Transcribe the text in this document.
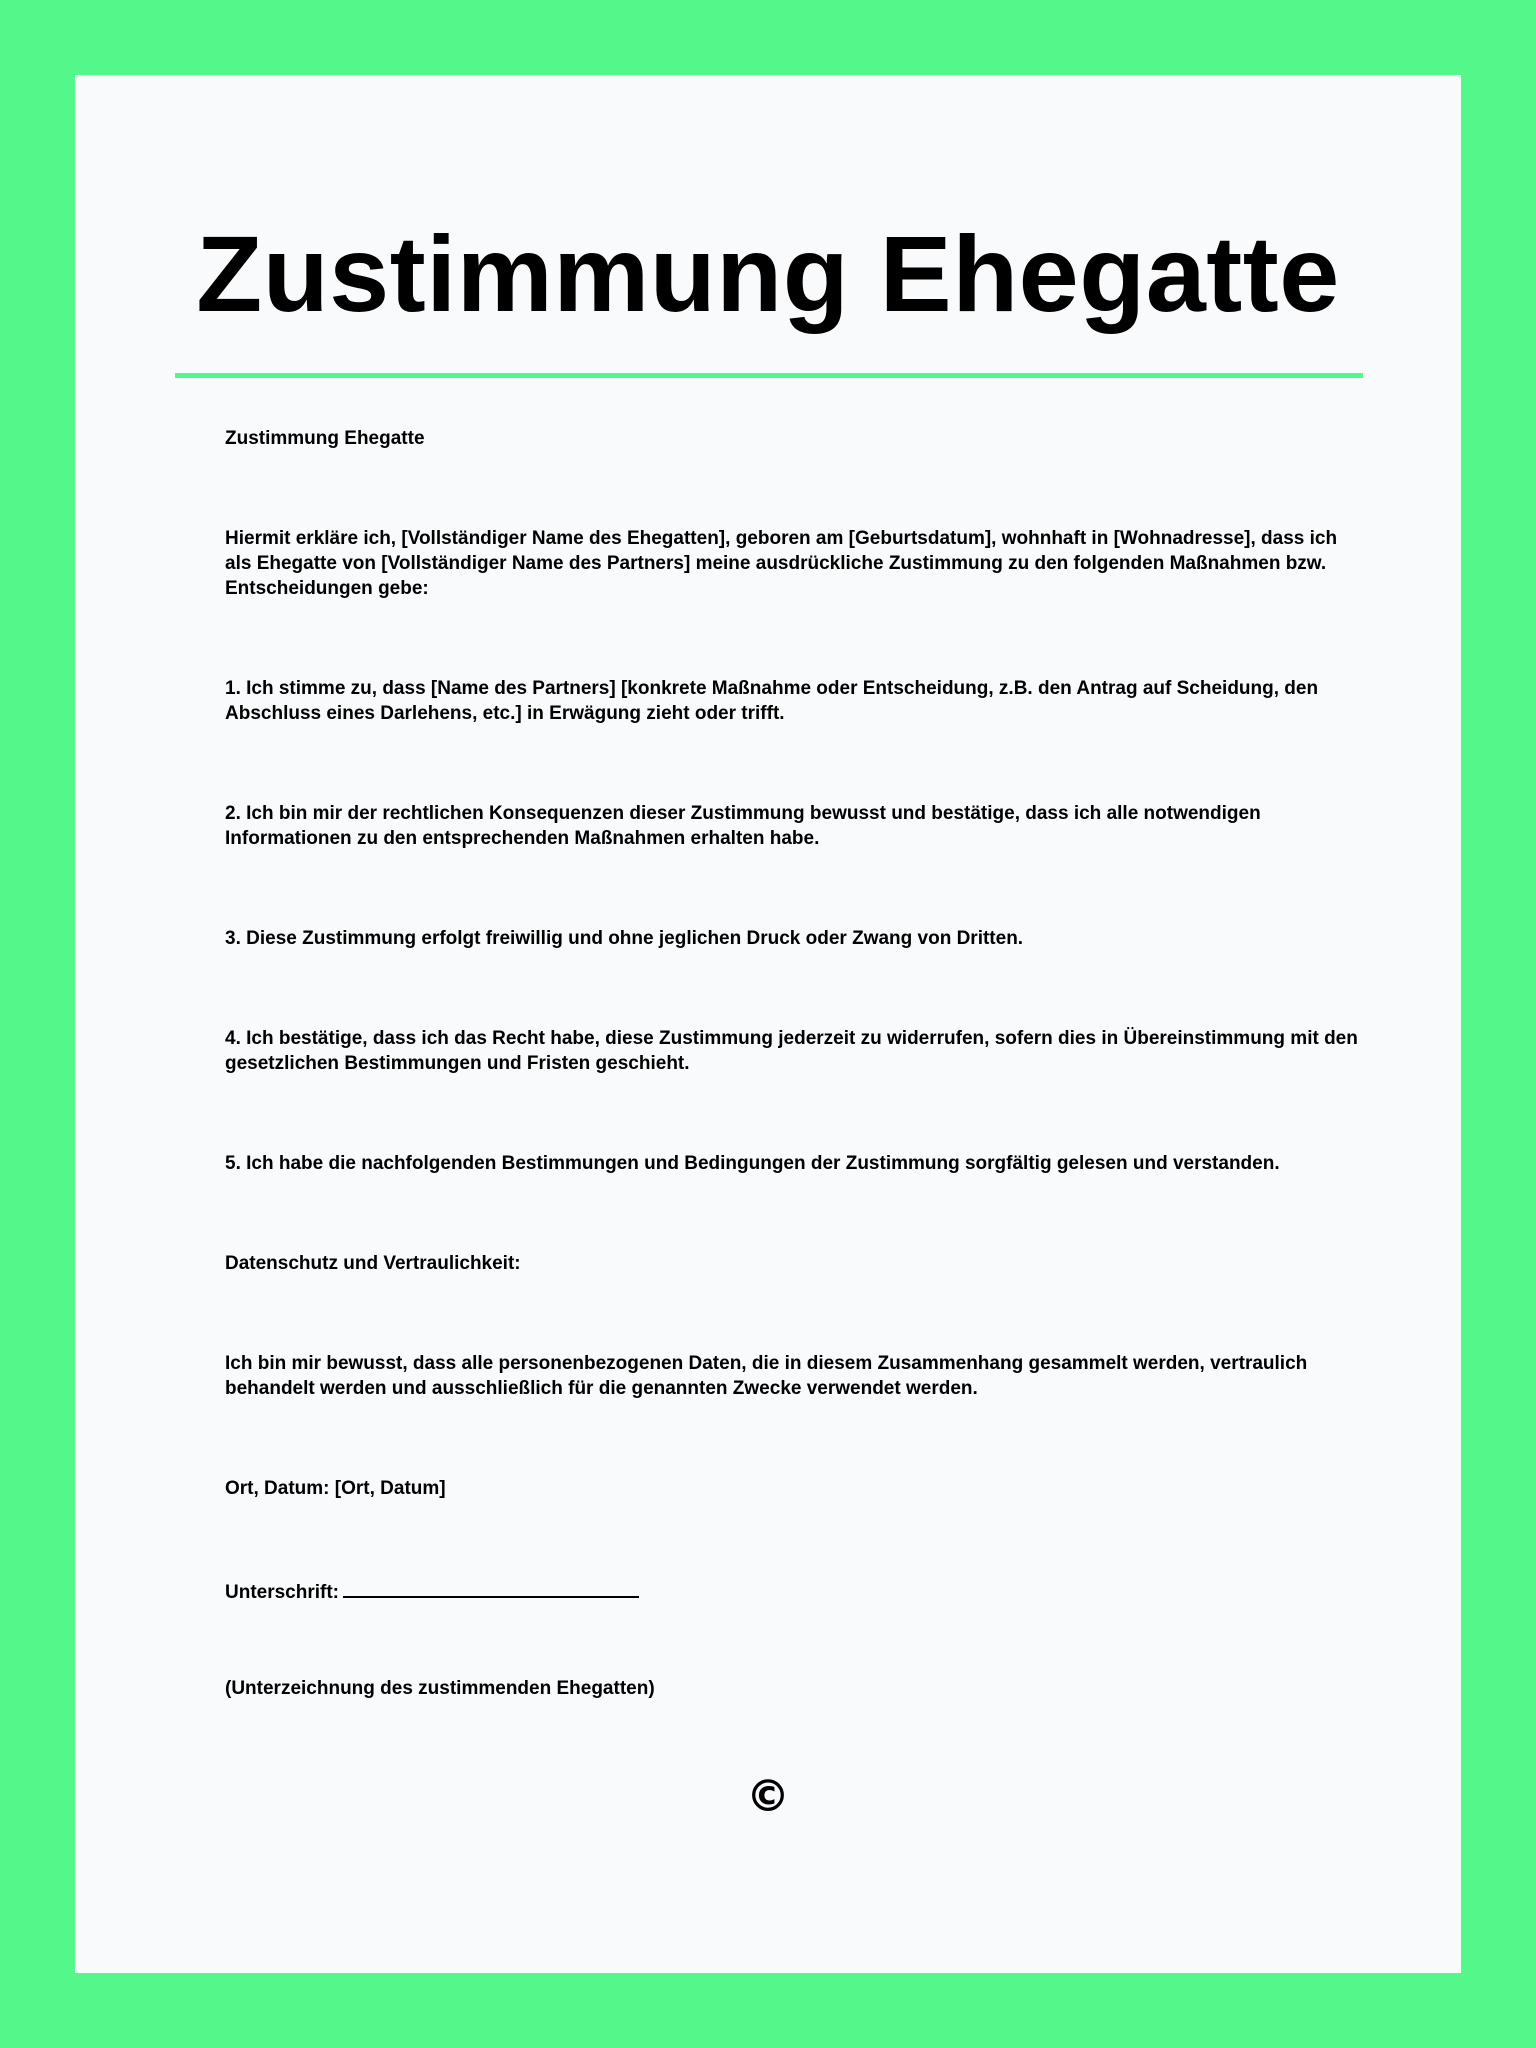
Zustimmung Ehegatte

Zustimmung Ehegatte

Hiermit erkläre ich, [Vollständiger Name des Ehegatten], geboren am [Geburtsdatum], wohnhaft in [Wohnadresse], dass ich als Ehegatte von [Vollständiger Name des Partners] meine ausdrückliche Zustimmung zu den folgenden Maßnahmen bzw. Entscheidungen gebe:

1. Ich stimme zu, dass [Name des Partners] [konkrete Maßnahme oder Entscheidung, z.B. den Antrag auf Scheidung, den Abschluss eines Darlehens, etc.] in Erwägung zieht oder trifft.

2. Ich bin mir der rechtlichen Konsequenzen dieser Zustimmung bewusst und bestätige, dass ich alle notwendigen Informationen zu den entsprechenden Maßnahmen erhalten habe.

3. Diese Zustimmung erfolgt freiwillig und ohne jeglichen Druck oder Zwang von Dritten.

4. Ich bestätige, dass ich das Recht habe, diese Zustimmung jederzeit zu widerrufen, sofern dies in Übereinstimmung mit den gesetzlichen Bestimmungen und Fristen geschieht.

5. Ich habe die nachfolgenden Bestimmungen und Bedingungen der Zustimmung sorgfältig gelesen und verstanden.

Datenschutz und Vertraulichkeit:

Ich bin mir bewusst, dass alle personenbezogenen Daten, die in diesem Zusammenhang gesammelt werden, vertraulich behandelt werden und ausschließlich für die genannten Zwecke verwendet werden.

Ort, Datum: [Ort, Datum]

Unterschrift:

(Unterzeichnung des zustimmenden Ehegatten)

©
